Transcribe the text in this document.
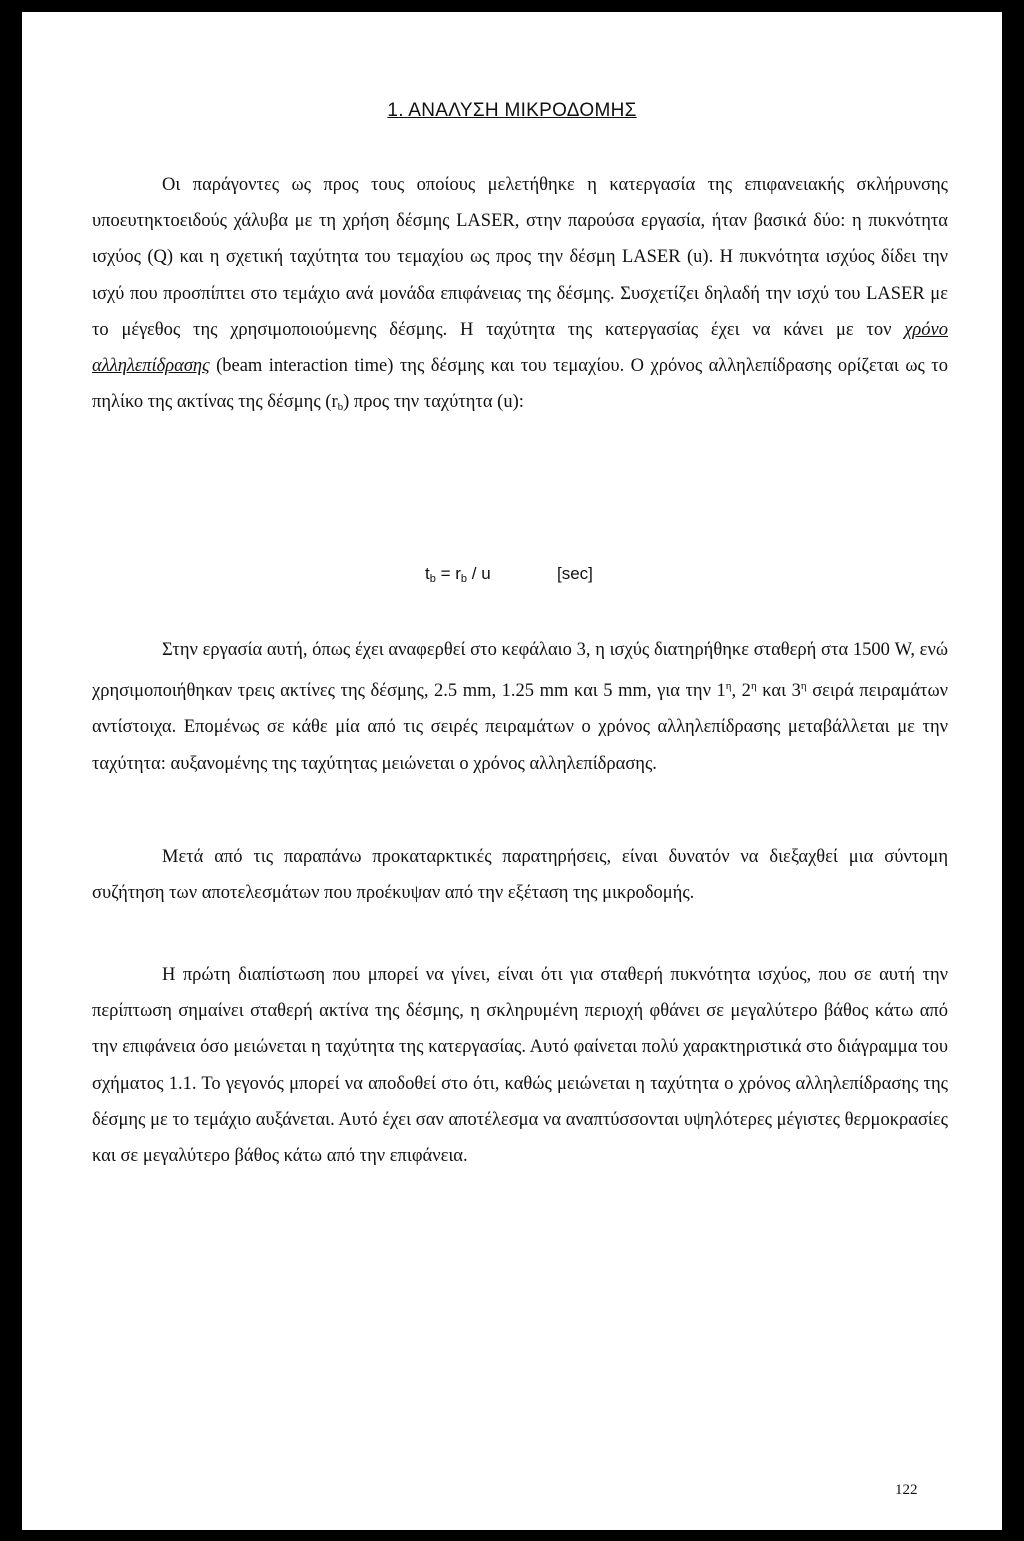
1. ΑΝΑΛΥΣΗ ΜΙΚΡΟΔΟΜΗΣ

Οι παράγοντες ως προς τους οποίους μελετήθηκε η κατεργασία της επιφανειακής σκλήρυνσης υποευτηκτοειδούς χάλυβα με τη χρήση δέσμης LASER, στην παρούσα εργασία, ήταν βασικά δύο: η πυκνότητα ισχύος (Q) και η σχετική ταχύτητα του τεμαχίου ως προς την δέσμη LASER (u). Η πυκνότητα ισχύος δίδει την ισχύ που προσπίπτει στο τεμάχιο ανά μονάδα επιφάνειας της δέσμης. Συσχετίζει δηλαδή την ισχύ του LASER με το μέγεθος της χρησιμοποιούμενης δέσμης. Η ταχύτητα της κατεργασίας έχει να κάνει με τον χρόνο αλληλεπίδρασης (beam interaction time) της δέσμης και του τεμαχίου. Ο χρόνος αλληλεπίδρασης ορίζεται ως το πηλίκο της ακτίνας της δέσμης $(r_b)$ προς την ταχύτητα (u):

$t_b = r_b / u$	[sec]

Στην εργασία αυτή, όπως έχει αναφερθεί στο κεφάλαιο 3, η ισχύς διατηρήθηκε σταθερή στα 1500 W, ενώ χρησιμοποιήθηκαν τρεις ακτίνες της δέσμης, 2.5 mm, 1.25 mm και 5 mm, για την $1^\eta$, $2^\eta$ και $3^\eta$ σειρά πειραμάτων αντίστοιχα. Επομένως σε κάθε μία από τις σειρές πειραμάτων ο χρόνος αλληλεπίδρασης μεταβάλλεται με την ταχύτητα: αυξανομένης της ταχύτητας μειώνεται ο χρόνος αλληλεπίδρασης.

Μετά από τις παραπάνω προκαταρκτικές παρατηρήσεις, είναι δυνατόν να διεξαχθεί μια σύντομη συζήτηση των αποτελεσμάτων που προέκυψαν από την εξέταση της μικροδομής.

Η πρώτη διαπίστωση που μπορεί να γίνει, είναι ότι για σταθερή πυκνότητα ισχύος, που σε αυτή την περίπτωση σημαίνει σταθερή ακτίνα της δέσμης, η σκληρυμένη περιοχή φθάνει σε μεγαλύτερο βάθος κάτω από την επιφάνεια όσο μειώνεται η ταχύτητα της κατεργασίας. Αυτό φαίνεται πολύ χαρακτηριστικά στο διάγραμμα του σχήματος 1.1. Το γεγονός μπορεί να αποδοθεί στο ότι, καθώς μειώνεται η ταχύτητα ο χρόνος αλληλεπίδρασης της δέσμης με το τεμάχιο αυξάνεται. Αυτό έχει σαν αποτέλεσμα να αναπτύσσονται υψηλότερες μέγιστες θερμοκρασίες και σε μεγαλύτερο βάθος κάτω από την επιφάνεια.

122
